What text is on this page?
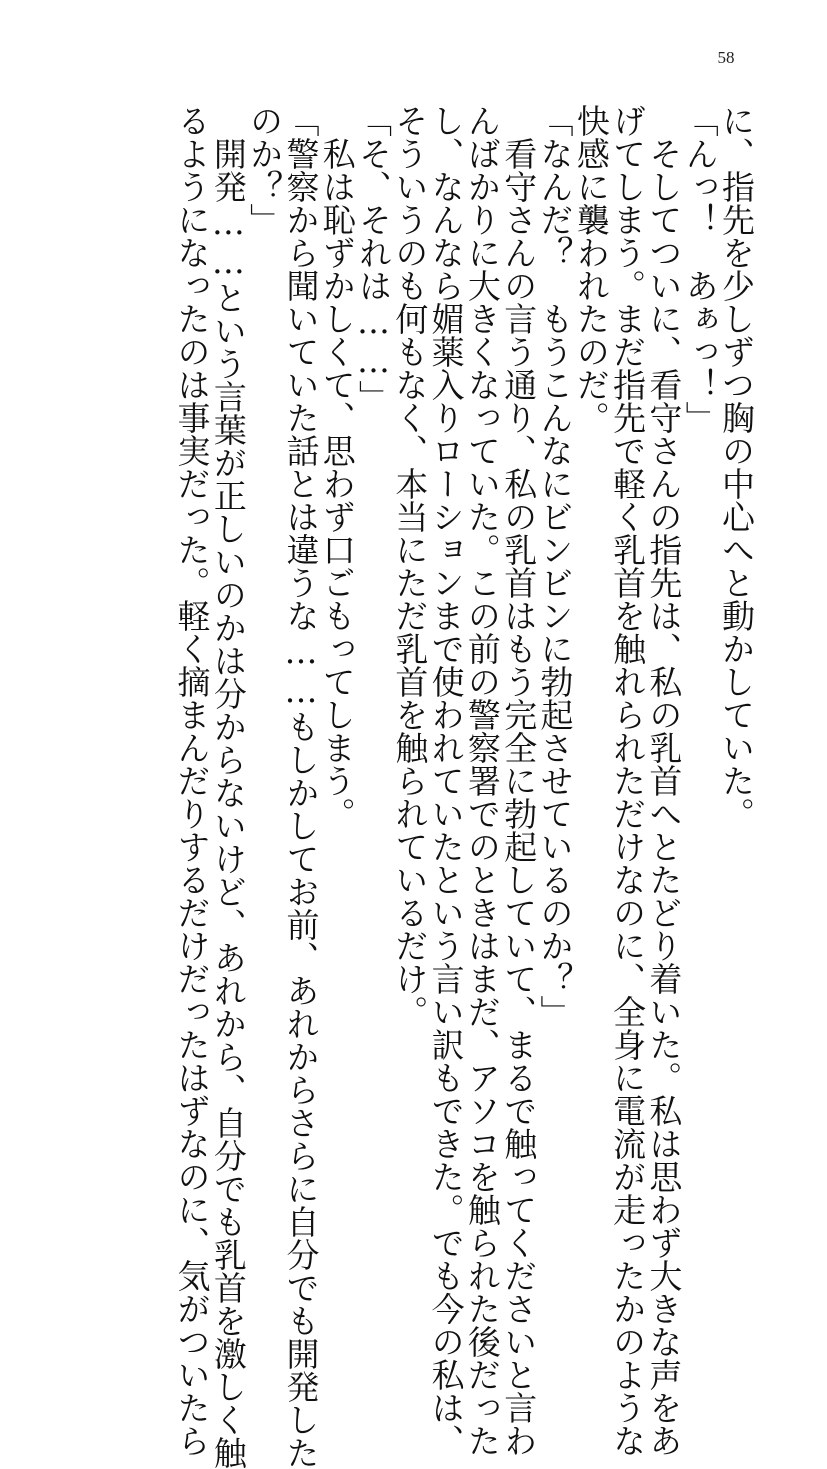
58

に、指先を少しずつ胸の中心へと動かしていた。

「んっ！　あぁっ！」

　そしてついに、看守さんの指先は、私の乳首へとたどり着いた。私は思わず大きな声をあ

げてしまう。まだ指先で軽く乳首を触れられただけなのに、全身に電流が走ったかのような

快感に襲われたのだ。

「なんだ？　もうこんなにビンビンに勃起させているのか？」

　看守さんの言う通り、私の乳首はもう完全に勃起していて、まるで触ってくださいと言わ

んばかりに大きくなっていた。この前の警察署でのときはまだ、アソコを触られた後だった

し、なんなら媚薬入りローションまで使われていたという言い訳もできた。でも今の私は、

そういうのも何もなく、本当にただ乳首を触られているだけ。

「そ、それは……」

　私は恥ずかしくて、思わず口ごもってしまう。

「警察から聞いていた話とは違うな……もしかしてお前、あれからさらに自分でも開発した

のか？」

　開発……という言葉が正しいのかは分からないけど、あれから、自分でも乳首を激しく触

るようになったのは事実だった。軽く摘まんだりするだけだったはずなのに、気がついたら
